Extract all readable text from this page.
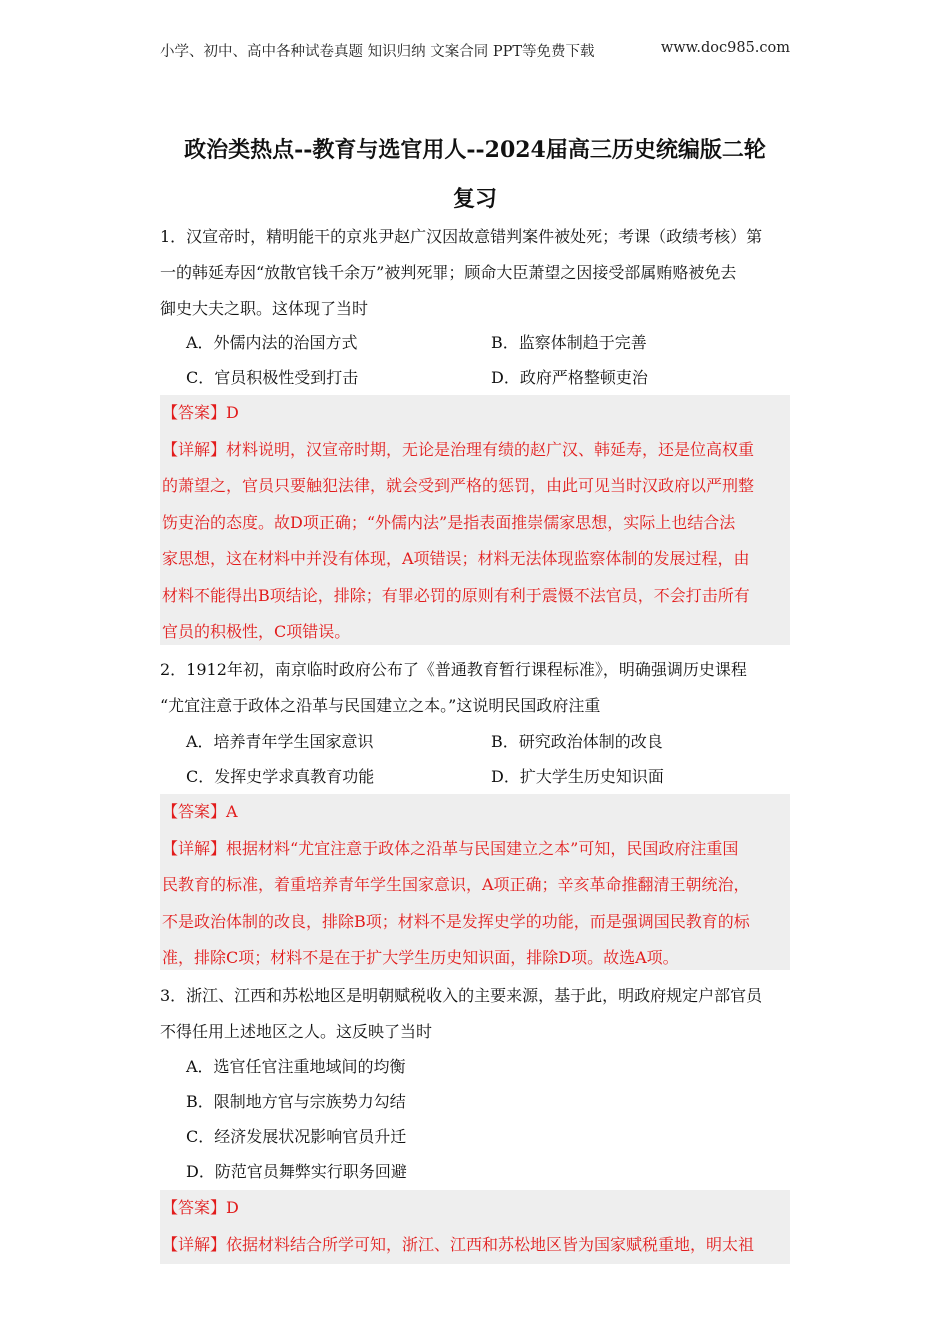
小学、初中、高中各种试卷真题 知识归纳 文案合同 PPT等免费下载	www.doc985.com
政治类热点--教育与选官用人--2024届高三历史统编版二轮
复习

1．汉宣帝时，精明能干的京兆尹赵广汉因故意错判案件被处死；考课（政绩考核）第

一的韩延寿因“放散官钱千余万”被判死罪；顾命大臣萧望之因接受部属贿赂被免去

御史大夫之职。这体现了当时

A．外儒内法的治国方式	B．监察体制趋于完善
C．官员积极性受到打击	D．政府严格整顿吏治

【答案】D

【详解】材料说明，汉宣帝时期，无论是治理有绩的赵广汉、韩延寿，还是位高权重

的萧望之，官员只要触犯法律，就会受到严格的惩罚，由此可见当时汉政府以严刑整

饬吏治的态度。故D项正确；“外儒内法”是指表面推崇儒家思想，实际上也结合法

家思想，这在材料中并没有体现，A项错误；材料无法体现监察体制的发展过程，由

材料不能得出B项结论，排除；有罪必罚的原则有利于震慑不法官员，不会打击所有

官员的积极性，C项错误。

2．1912年初，南京临时政府公布了《普通教育暂行课程标准》，明确强调历史课程

“尤宜注意于政体之沿革与民国建立之本。”这说明民国政府注重

A．培养青年学生国家意识	B．研究政治体制的改良
C．发挥史学求真教育功能	D．扩大学生历史知识面

【答案】A

【详解】根据材料“尤宜注意于政体之沿革与民国建立之本”可知，民国政府注重国

民教育的标准，着重培养青年学生国家意识，A项正确；辛亥革命推翻清王朝统治，

不是政治体制的改良，排除B项；材料不是发挥史学的功能，而是强调国民教育的标

准，排除C项；材料不是在于扩大学生历史知识面，排除D项。故选A项。

3．浙江、江西和苏松地区是明朝赋税收入的主要来源，基于此，明政府规定户部官员

不得任用上述地区之人。这反映了当时

A．选官任官注重地域间的均衡
B．限制地方官与宗族势力勾结
C．经济发展状况影响官员升迁
D．防范官员舞弊实行职务回避

【答案】D

【详解】依据材料结合所学可知，浙江、江西和苏松地区皆为国家赋税重地，明太祖
